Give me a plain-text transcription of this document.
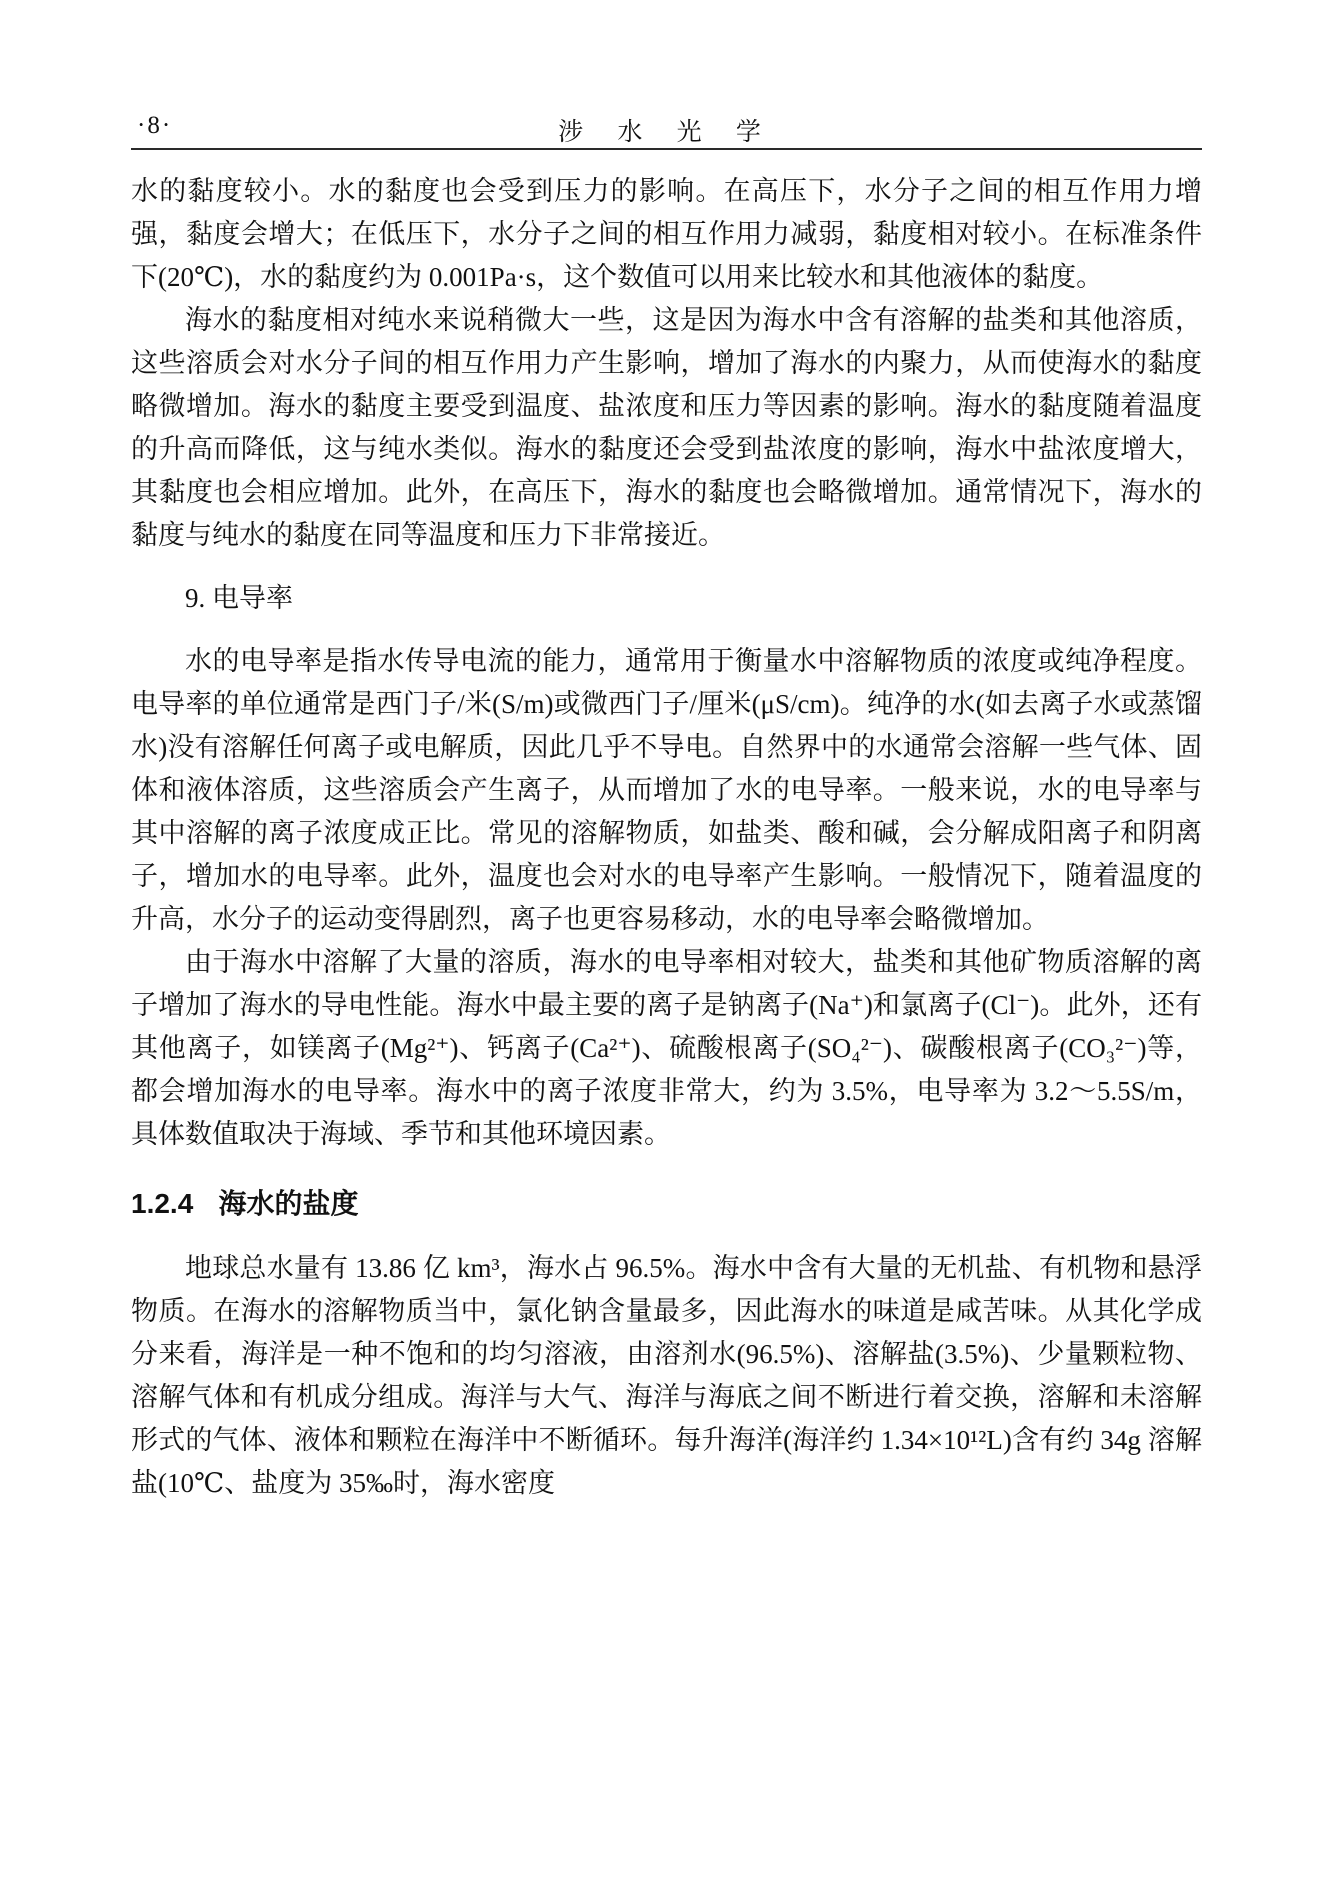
·8·	涉 水 光 学

水的黏度较小。水的黏度也会受到压力的影响。在高压下，水分子之间的相互作用力增强，黏度会增大；在低压下，水分子之间的相互作用力减弱，黏度相对较小。在标准条件下(20℃)，水的黏度约为 0.001Pa·s，这个数值可以用来比较水和其他液体的黏度。

海水的黏度相对纯水来说稍微大一些，这是因为海水中含有溶解的盐类和其他溶质，这些溶质会对水分子间的相互作用力产生影响，增加了海水的内聚力，从而使海水的黏度略微增加。海水的黏度主要受到温度、盐浓度和压力等因素的影响。海水的黏度随着温度的升高而降低，这与纯水类似。海水的黏度还会受到盐浓度的影响，海水中盐浓度增大，其黏度也会相应增加。此外，在高压下，海水的黏度也会略微增加。通常情况下，海水的黏度与纯水的黏度在同等温度和压力下非常接近。

9. 电导率

水的电导率是指水传导电流的能力，通常用于衡量水中溶解物质的浓度或纯净程度。电导率的单位通常是西门子/米(S/m)或微西门子/厘米(μS/cm)。纯净的水(如去离子水或蒸馏水)没有溶解任何离子或电解质，因此几乎不导电。自然界中的水通常会溶解一些气体、固体和液体溶质，这些溶质会产生离子，从而增加了水的电导率。一般来说，水的电导率与其中溶解的离子浓度成正比。常见的溶解物质，如盐类、酸和碱，会分解成阳离子和阴离子，增加水的电导率。此外，温度也会对水的电导率产生影响。一般情况下，随着温度的升高，水分子的运动变得剧烈，离子也更容易移动，水的电导率会略微增加。

由于海水中溶解了大量的溶质，海水的电导率相对较大，盐类和其他矿物质溶解的离子增加了海水的导电性能。海水中最主要的离子是钠离子(Na⁺)和氯离子(Cl⁻)。此外，还有其他离子，如镁离子(Mg²⁺)、钙离子(Ca²⁺)、硫酸根离子(SO₄²⁻)、碳酸根离子(CO₃²⁻)等，都会增加海水的电导率。海水中的离子浓度非常大，约为 3.5%，电导率为 3.2～5.5S/m，具体数值取决于海域、季节和其他环境因素。

1.2.4 海水的盐度

地球总水量有 13.86 亿 km³，海水占 96.5%。海水中含有大量的无机盐、有机物和悬浮物质。在海水的溶解物质当中，氯化钠含量最多，因此海水的味道是咸苦味。从其化学成分来看，海洋是一种不饱和的均匀溶液，由溶剂水(96.5%)、溶解盐(3.5%)、少量颗粒物、溶解气体和有机成分组成。海洋与大气、海洋与海底之间不断进行着交换，溶解和未溶解形式的气体、液体和颗粒在海洋中不断循环。每升海洋(海洋约 1.34×10¹²L)含有约 34g 溶解盐(10℃、盐度为 35‰时，海水密度
